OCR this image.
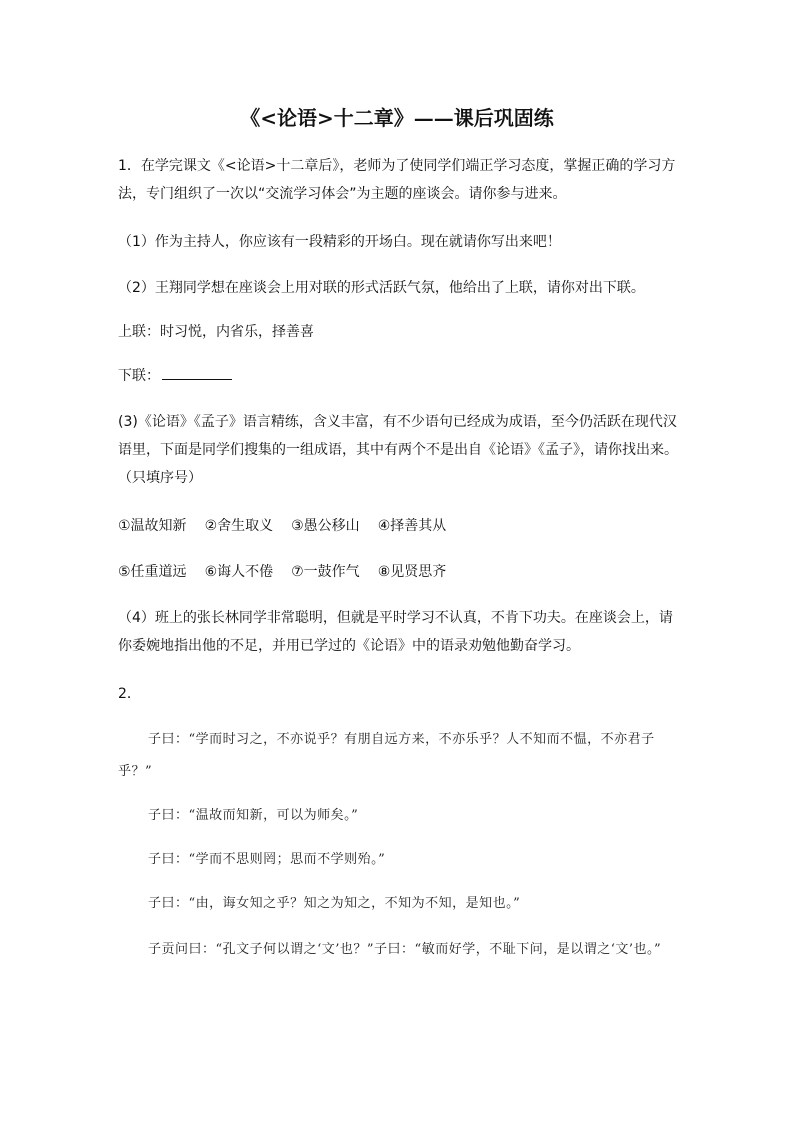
《<论语>十二章》——课后巩固练

1．在学完课文《<论语>十二章后》，老师为了使同学们端正学习态度，掌握正确的学习方法，专门组织了一次以“交流学习体会”为主题的座谈会。请你参与进来。

（1）作为主持人，你应该有一段精彩的开场白。现在就请你写出来吧！

（2）王翔同学想在座谈会上用对联的形式活跃气氛，他给出了上联，请你对出下联。

上联：时习悦，内省乐，择善喜

下联：

(3)《论语》《孟子》语言精练，含义丰富，有不少语句已经成为成语，至今仍活跃在现代汉语里，下面是同学们搜集的一组成语，其中有两个不是出自《论语》《孟子》，请你找出来。（只填序号）

①温故知新 ②舍生取义 ③愚公移山 ④择善其从
⑤任重道远 ⑥诲人不倦 ⑦一鼓作气 ⑧见贤思齐

（4）班上的张长林同学非常聪明，但就是平时学习不认真，不肯下功夫。在座谈会上，请你委婉地指出他的不足，并用已学过的《论语》中的语录劝勉他勤奋学习。

2．

子曰：“学而时习之，不亦说乎？有朋自远方来，不亦乐乎？人不知而不愠，不亦君子乎？”

子曰：“温故而知新，可以为师矣。”

子曰：“学而不思则罔；思而不学则殆。”

子曰：“由，诲女知之乎？知之为知之，不知为不知，是知也。”

子贡问曰：“孔文子何以谓之‘文’也？”子曰：“敏而好学，不耻下问，是以谓之‘文’也。”
